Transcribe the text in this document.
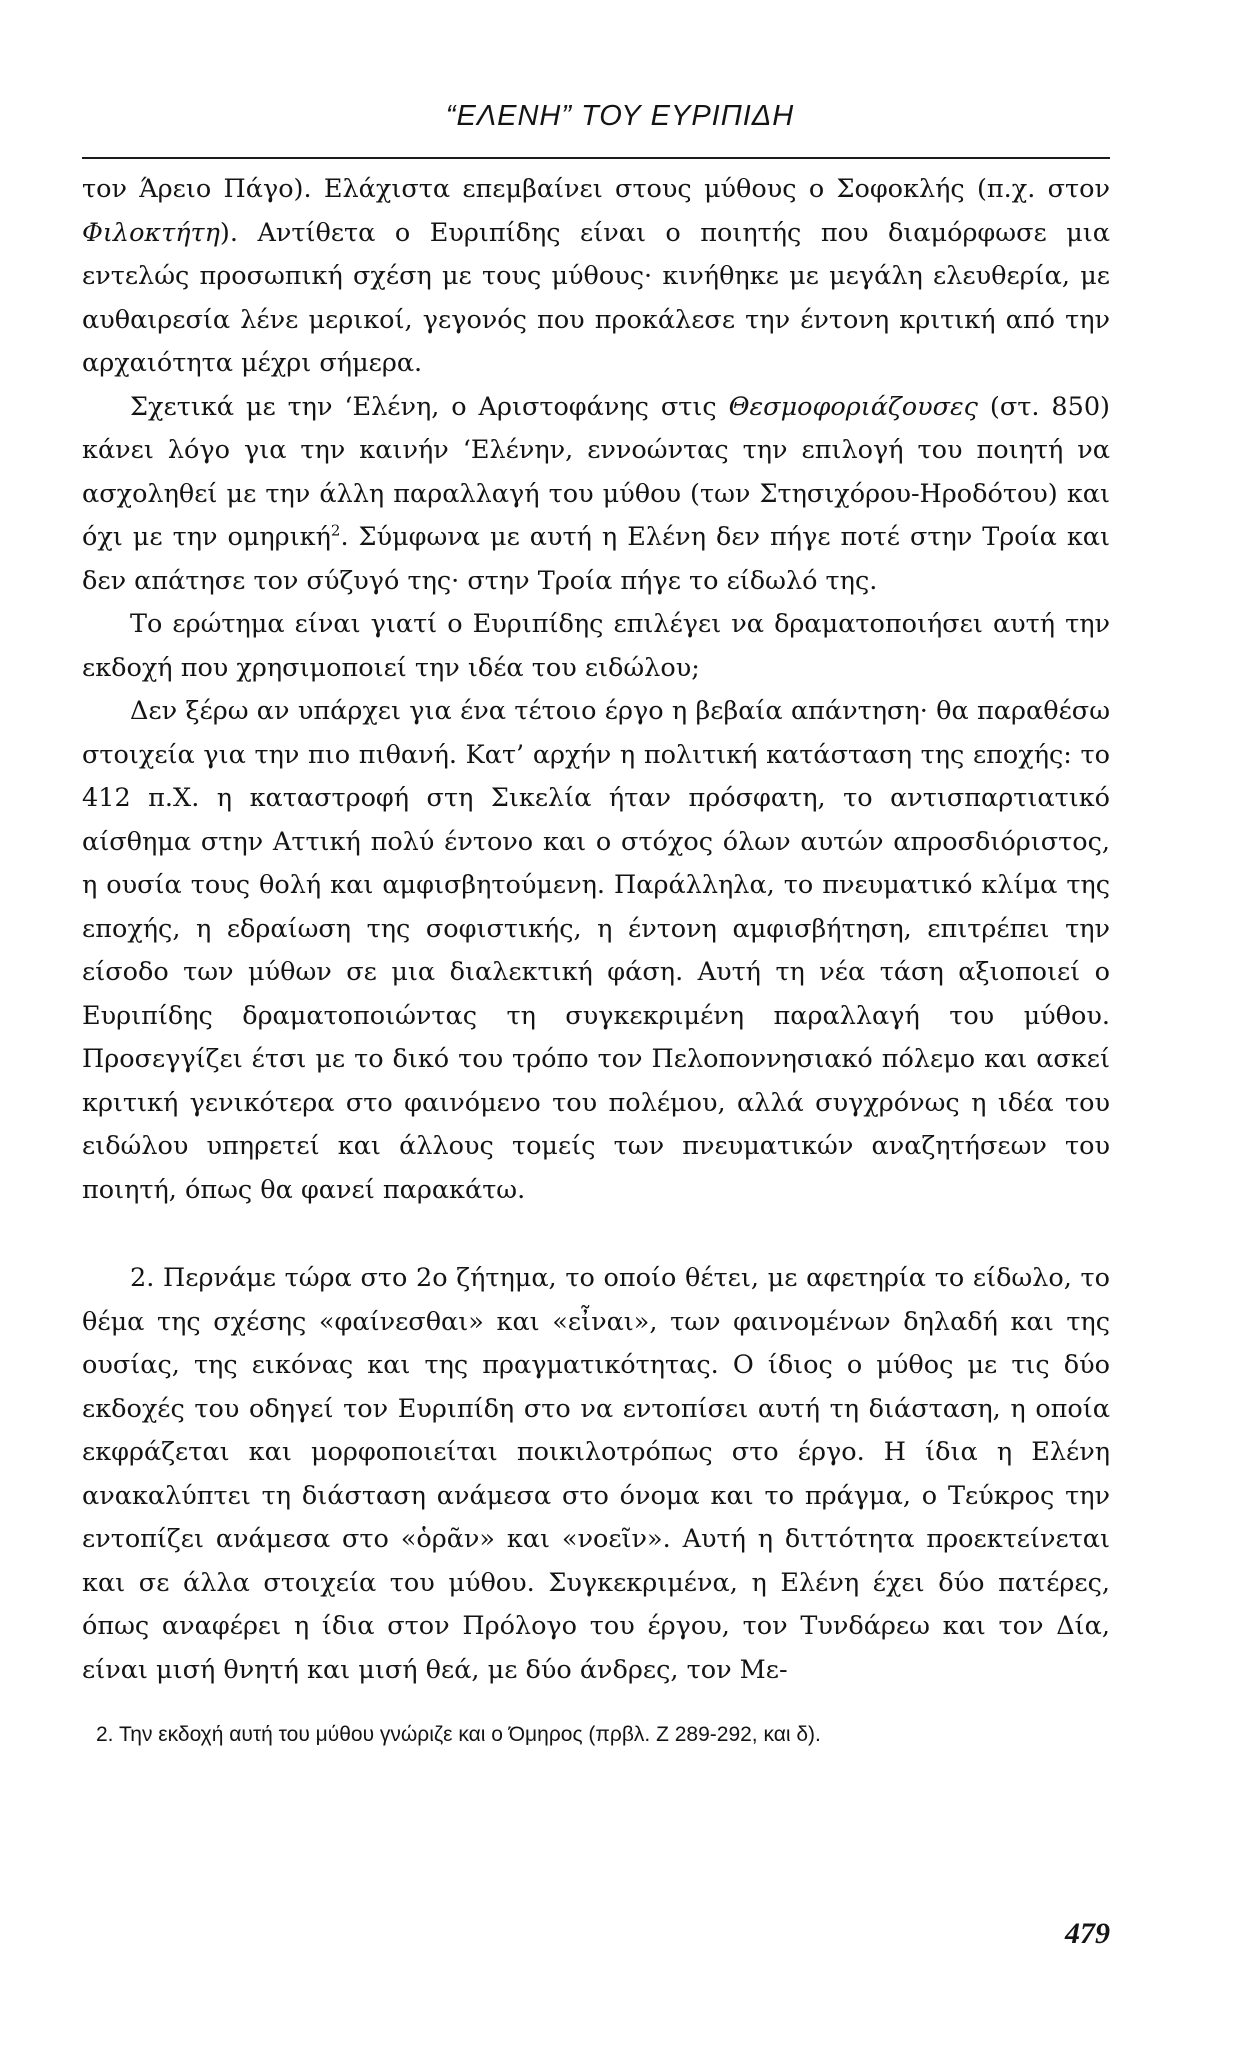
“ΕΛΕΝΗ” ΤΟΥ ΕΥΡΙΠΙΔΗ

τον Άρειο Πάγο). Ελάχιστα επεμβαίνει στους μύθους ο Σοφοκλής (π.χ. στον Φιλοκτήτη). Αντίθετα ο Ευριπίδης είναι ο ποιητής που διαμόρφωσε μια εντελώς προσωπική σχέση με τους μύθους· κινήθηκε με μεγάλη ελευθερία, με αυθαιρεσία λένε μερικοί, γεγονός που προκάλεσε την έντονη κριτική από την αρχαιότητα μέχρι σήμερα.

Σχετικά με την ‘Ελένη, ο Αριστοφάνης στις Θεσμοφοριάζουσες (στ. 850) κάνει λόγο για την καινήν ‘Ελένην, εννοώντας την επιλογή του ποιητή να ασχοληθεί με την άλλη παραλλαγή του μύθου (των Στησιχόρου-Ηροδότου) και όχι με την ομηρική$^2$. Σύμφωνα με αυτή η Ελένη δεν πήγε ποτέ στην Τροία και δεν απάτησε τον σύζυγό της· στην Τροία πήγε το είδωλό της.

Το ερώτημα είναι γιατί ο Ευριπίδης επιλέγει να δραματοποιήσει αυτή την εκδοχή που χρησιμοποιεί την ιδέα του ειδώλου;

Δεν ξέρω αν υπάρχει για ένα τέτοιο έργο η βεβαία απάντηση· θα παραθέσω στοιχεία για την πιο πιθανή. Κατ’ αρχήν η πολιτική κατάσταση της εποχής: το 412 π.Χ. η καταστροφή στη Σικελία ήταν πρόσφατη, το αντισπαρτιατικό αίσθημα στην Αττική πολύ έντονο και ο στόχος όλων αυτών απροσδιόριστος, η ουσία τους θολή και αμφισβητούμενη. Παράλληλα, το πνευματικό κλίμα της εποχής, η εδραίωση της σοφιστικής, η έντονη αμφισβήτηση, επιτρέπει την είσοδο των μύθων σε μια διαλεκτική φάση. Αυτή τη νέα τάση αξιοποιεί ο Ευριπίδης δραματοποιώντας τη συγκεκριμένη παραλλαγή του μύθου. Προσεγγίζει έτσι με το δικό του τρόπο τον Πελοποννησιακό πόλεμο και ασκεί κριτική γενικότερα στο φαινόμενο του πολέμου, αλλά συγχρόνως η ιδέα του ειδώλου υπηρετεί και άλλους τομείς των πνευματικών αναζητήσεων του ποιητή, όπως θα φανεί παρακάτω.

2. Περνάμε τώρα στο 2ο ζήτημα, το οποίο θέτει, με αφετηρία το είδωλο, το θέμα της σχέσης «φαίνεσθαι» και «εἶναι», των φαινομένων δηλαδή και της ουσίας, της εικόνας και της πραγματικότητας. Ο ίδιος ο μύθος με τις δύο εκδοχές του οδηγεί τον Ευριπίδη στο να εντοπίσει αυτή τη διάσταση, η οποία εκφράζεται και μορφοποιείται ποικιλοτρόπως στο έργο. Η ίδια η Ελένη ανακαλύπτει τη διάσταση ανάμεσα στο όνομα και το πράγμα, ο Τεύκρος την εντοπίζει ανάμεσα στο «ὁρᾶν» και «νοεῖν». Αυτή η διττότητα προεκτείνεται και σε άλλα στοιχεία του μύθου. Συγκεκριμένα, η Ελένη έχει δύο πατέρες, όπως αναφέρει η ίδια στον Πρόλογο του έργου, τον Τυνδάρεω και τον Δία, είναι μισή θνητή και μισή θεά, με δύο άνδρες, τον Με-

2. Την εκδοχή αυτή του μύθου γνώριζε και ο Όμηρος (πρβλ. Ζ 289-292, και δ).
479
